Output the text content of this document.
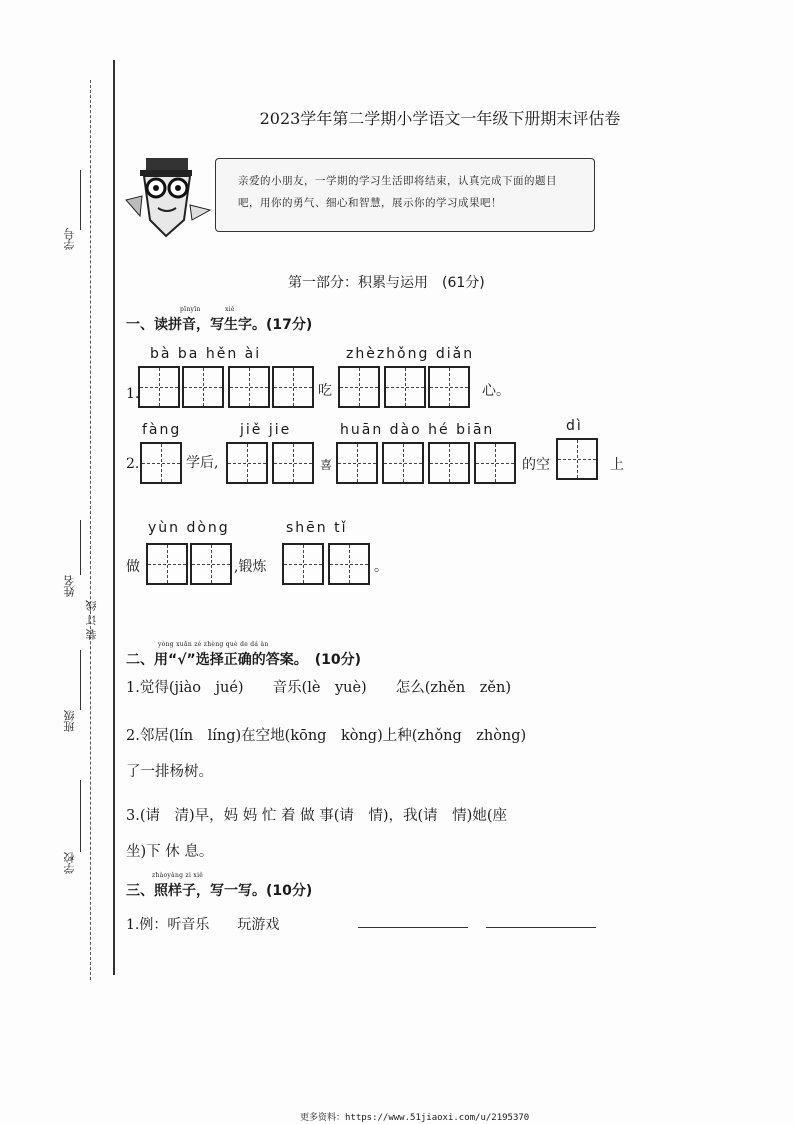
学号
姓名
装 订 线
班级
学校
2023学年第二学期小学语文一年级下册期末评估卷
亲爱的小朋友，一学期的学习生活即将结束，认真完成下面的题目吧，用你的勇气、细心和智慧，展示你的学习成果吧！
第一部分：积累与运用　(61分)
pīnyīn	xiě
一、读拼音，写生字。(17分)
bà ba hěn ài	zhèzhǒng diǎn
1.	吃	心。
fàng	jiě jie	huān dào hé biān	dì
2.	学后,	喜	的空	上
yùn dòng	shēn tǐ
做	,锻炼	。
yòng xuǎn zé zhèng què de dá àn
二、用“√”选择正确的答案。　(10分)
1.觉得(jiào　jué)　　音乐(lè　yuè)　　怎么(zhěn　zěn)
2.邻居(lín　líng)在空地(kōng　kòng)上种(zhǒng　zhòng)
了一排杨树。
3.(请　清)早，妈 妈 忙 着 做 事(请　情)，我(请　情)她(座
坐)下 休 息。
zhàoyàng zi xiě
三、照样子，写一写。(10分)
1.例：听音乐　　玩游戏
更多资料：https://www.51jiaoxi.com/u/2195370
